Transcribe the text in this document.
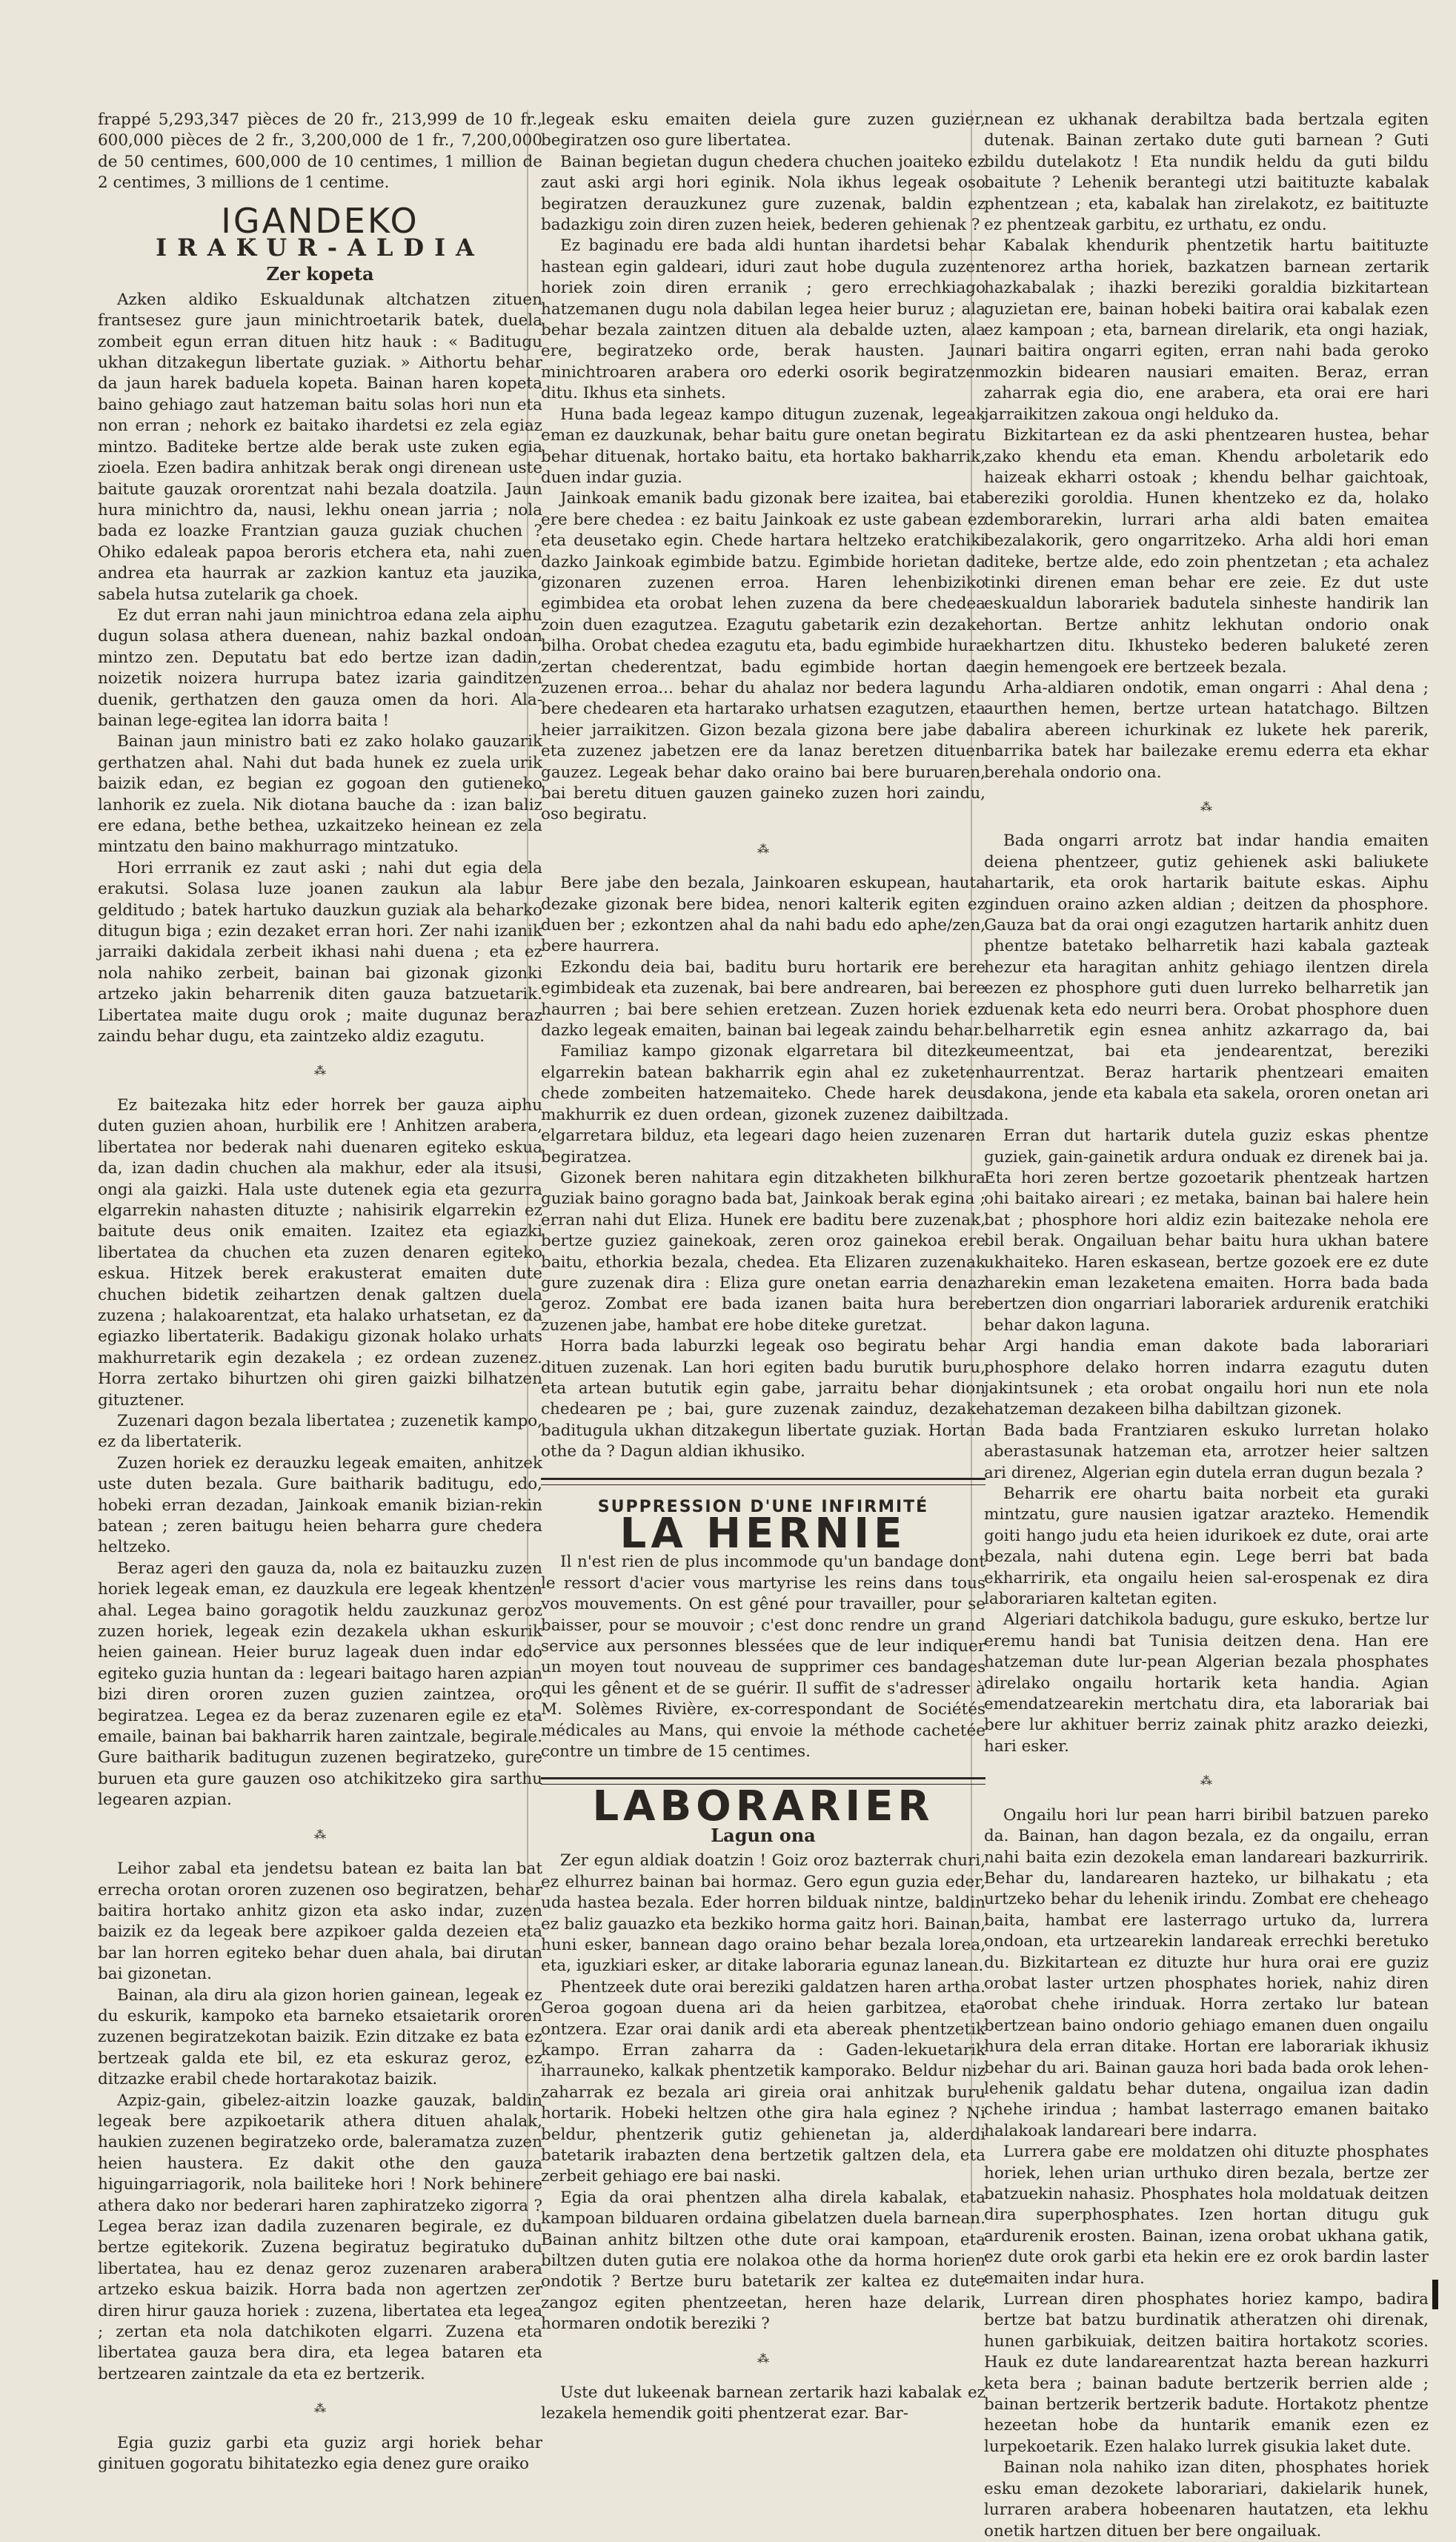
frappé 5,293,347 pièces de 20 fr., 213,999 de 10 fr., 600,000 pièces de 2 fr., 3,200,000 de 1 fr., 7,200,000 de 50 centimes, 600,000 de 10 centimes, 1 million de 2 centimes, 3 millions de 1 centime.

IGANDEKO
IRAKUR-ALDIA
Zer kopeta

Azken aldiko Eskualdunak altchatzen zituen frantsesez gure jaun minichtroetarik batek, duela zombeit egun erran dituen hitz hauk : « Baditugu ukhan ditzakegun libertate guziak. » Aithortu behar da jaun harek baduela kopeta. Bainan haren kopeta baino gehiago zaut hatzeman baitu solas hori nun eta non erran ; nehork ez baitako ihardetsi ez zela egiaz mintzo. Baditeke bertze alde berak uste zuken egia zioela. Ezen badira anhitzak berak ongi direnean uste baitute gauzak ororentzat nahi bezala doatzila. Jaun hura minichtro da, nausi, lekhu onean jarria ; nola bada ez loazke Frantzian gauza guziak chuchen ? Ohiko edaleak papoa beroris etchera eta, nahi zuen andrea eta haurrak ar zazkion kantuz eta jauzika, sabela hutsa zutelarik ga choek.

Ez dut erran nahi jaun minichtroa edana zela aiphu dugun solasa athera duenean, nahiz bazkal ondoan mintzo zen. Deputatu bat edo bertze izan dadin, noizetik noizera hurrupa batez izaria gainditzen duenik, gerthatzen den gauza omen da hori. Ala-bainan lege-egitea lan idorra baita !

Bainan jaun ministro bati ez zako holako gauzarik gerthatzen ahal. Nahi dut bada hunek ez zuela urik baizik edan, ez begian ez gogoan den gutieneko lanhorik ez zuela. Nik diotana bauche da : izan baliz ere edana, bethe bethea, uzkaitzeko heinean ez zela mintzatu den baino makhurrago mintzatuko.

Hori errranik ez zaut aski ; nahi dut egia dela erakutsi. Solasa luze joanen zaukun ala labur gelditudo ; batek hartuko dauzkun guziak ala beharko ditugun biga ; ezin dezaket erran hori. Zer nahi izanik jarraiki dakidala zerbeit ikhasi nahi duena ; eta ez nola nahiko zerbeit, bainan bai gizonak gizonki artzeko jakin beharrenik diten gauza batzuetarik. Libertatea maite dugu orok ; maite dugunaz beraz zaindu behar dugu, eta zaintzeko aldiz ezagutu.

⁂

Ez baitezaka hitz eder horrek ber gauza aiphu duten guzien ahoan, hurbilik ere ! Anhitzen arabera, libertatea nor bederak nahi duenaren egiteko eskua da, izan dadin chuchen ala makhur, eder ala itsusi, ongi ala gaizki. Hala uste dutenek egia eta gezurra elgarrekin nahasten dituzte ; nahisirik elgarrekin ez baitute deus onik emaiten. Izaitez eta egiazki libertatea da chuchen eta zuzen denaren egiteko eskua. Hitzek berek erakusterat emaiten dute chuchen bidetik zeihartzen denak galtzen duela zuzena ; halakoarentzat, eta halako urhatsetan, ez da egiazko libertaterik. Badakigu gizonak holako urhats makhurretarik egin dezakela ; ez ordean zuzenez. Horra zertako bihurtzen ohi giren gaizki bilhatzen gituztener.

Zuzenari dagon bezala libertatea ; zuzenetik kampo, ez da libertaterik.

Zuzen horiek ez derauzku legeak emaiten, anhitzek uste duten bezala. Gure baitharik baditugu, edo, hobeki erran dezadan, Jainkoak emanik bizian-rekin batean ; zeren baitugu heien beharra gure chedera heltzeko.

Beraz ageri den gauza da, nola ez baitauzku zuzen horiek legeak eman, ez dauzkula ere legeak khentzen ahal. Legea baino goragotik heldu zauzkunaz geroz zuzen horiek, legeak ezin dezakela ukhan eskurik heien gainean. Heier buruz lageak duen indar edo egiteko guzia huntan da : legeari baitago haren azpian bizi diren ororen zuzen guzien zaintzea, oro begiratzea. Legea ez da beraz zuzenaren egile ez eta emaile, bainan bai bakharrik haren zaintzale, begirale. Gure baitharik baditugun zuzenen begiratzeko, gure buruen eta gure gauzen oso atchikitzeko gira sarthu legearen azpian.

⁂

Leihor zabal eta jendetsu batean ez baita lan bat errecha orotan ororen zuzenen oso begiratzen, behar baitira hortako anhitz gizon eta asko indar, zuzen baizik ez da legeak bere azpikoer galda dezeien eta bar lan horren egiteko behar duen ahala, bai dirutan bai gizonetan.

Bainan, ala diru ala gizon horien gainean, legeak ez du eskurik, kampoko eta barneko etsaietarik ororen zuzenen begiratzekotan baizik. Ezin ditzake ez bata ez bertzeak galda ete bil, ez eta eskuraz geroz, ez ditzazke erabil chede hortarakotaz baizik.

Azpiz-gain, gibelez-aitzin loazke gauzak, baldin legeak bere azpikoetarik athera dituen ahalak, haukien zuzenen begiratzeko orde, baleramatza zuzen heien haustera. Ez dakit othe den gauza higuingarriagorik, nola bailiteke hori ! Nork behinere athera dako nor bederari haren zaphiratzeko zigorra ? Legea beraz izan dadila zuzenaren begirale, ez du bertze egitekorik. Zuzena begiratuz begiratuko du libertatea, hau ez denaz geroz zuzenaren arabera artzeko eskua baizik. Horra bada non agertzen zer diren hirur gauza horiek : zuzena, libertatea eta legea ; zertan eta nola datchikoten elgarri. Zuzena eta libertatea gauza bera dira, eta legea bataren eta bertzearen zaintzale da eta ez bertzerik.

⁂

Egia guziz garbi eta guziz argi horiek behar ginituen gogoratu bihitatezko egia denez gure oraiko

legeak esku emaiten deiela gure zuzen guzier, begiratzen oso gure libertatea.

Bainan begietan dugun chedera chuchen joaiteko ez zaut aski argi hori eginik. Nola ikhus legeak oso begiratzen derauzkunez gure zuzenak, baldin ez badazkigu zoin diren zuzen heiek, bederen gehienak ?

Ez baginadu ere bada aldi huntan ihardetsi behar hastean egin galdeari, iduri zaut hobe dugula zuzen horiek zoin diren erranik ; gero errechkiago hatzemanen dugu nola dabilan legea heier buruz ; ala behar bezala zaintzen dituen ala debalde uzten, ala ere, begiratzeko orde, berak hausten. Jaun minichtroaren arabera oro ederki osorik begiratzen ditu. Ikhus eta sinhets.

Huna bada legeaz kampo ditugun zuzenak, legeak eman ez dauzkunak, behar baitu gure onetan begiratu behar dituenak, hortako baitu, eta hortako bakharrik, duen indar guzia.

Jainkoak emanik badu gizonak bere izaitea, bai eta ere bere chedea : ez baitu Jainkoak ez uste gabean ez eta deusetako egin. Chede hartara heltzeko eratchiki dazko Jainkoak egimbide batzu. Egimbide horietan da gizonaren zuzenen erroa. Haren lehenbiziko egimbidea eta orobat lehen zuzena da bere chedea zoin duen ezagutzea. Ezagutu gabetarik ezin dezake bilha. Orobat chedea ezagutu eta, badu egimbide hura zertan chederentzat, badu egimbide hortan da zuzenen erroa... behar du ahalaz nor bedera lagundu bere chedearen eta hartarako urhatsen ezagutzen, eta heier jarraikitzen. Gizon bezala gizona bere jabe da eta zuzenez jabetzen ere da lanaz beretzen dituen gauzez. Legeak behar dako oraino bai bere buruaren, bai beretu dituen gauzen gaineko zuzen hori zaindu, oso begiratu.

⁂

Bere jabe den bezala, Jainkoaren eskupean, hauta dezake gizonak bere bidea, nenori kalterik egiten ez duen ber ; ezkontzen ahal da nahi badu edo aphe/zen, bere haurrera.

Ezkondu deia bai, baditu buru hortarik ere bere egimbideak eta zuzenak, bai bere andrearen, bai bere haurren ; bai bere sehien eretzean. Zuzen horiek ez dazko legeak emaiten, bainan bai legeak zaindu behar.

Familiaz kampo gizonak elgarretara bil ditezke elgarrekin batean bakharrik egin ahal ez zuketen chede zombeiten hatzemaiteko. Chede harek deus makhurrik ez duen ordean, gizonek zuzenez daibiltza elgarretara bilduz, eta legeari dago heien zuzenaren begiratzea.

Gizonek beren nahitara egin ditzakheten bilkhura guziak baino goragno bada bat, Jainkoak berak egina ; erran nahi dut Eliza. Hunek ere baditu bere zuzenak, bertze guziez gainekoak, zeren oroz gainekoa ere baitu, ethorkia bezala, chedea. Eta Elizaren zuzenak gure zuzenak dira : Eliza gure onetan earria denaz geroz. Zombat ere bada izanen baita hura bere zuzenen jabe, hambat ere hobe diteke guretzat.

Horra bada laburzki legeak oso begiratu behar dituen zuzenak. Lan hori egiten badu burutik buru, eta artean bututik egin gabe, jarraitu behar dion chedearen pe ; bai, gure zuzenak zainduz, dezake baditugula ukhan ditzakegun libertate guziak. Hortan othe da ? Dagun aldian ikhusiko.

SUPPRESSION D'UNE INFIRMITÉ
LA HERNIE

Il n'est rien de plus incommode qu'un bandage dont le ressort d'acier vous martyrise les reins dans tous vos mouvements. On est gêné pour travailler, pour se baisser, pour se mouvoir ; c'est donc rendre un grand service aux personnes blessées que de leur indiquer un moyen tout nouveau de supprimer ces bandages qui les gênent et de se guérir. Il suffit de s'adresser à M. Solèmes Rivière, ex-correspondant de Sociétés médicales au Mans, qui envoie la méthode cachetée contre un timbre de 15 centimes.

LABORARIER
Lagun ona

Zer egun aldiak doatzin ! Goiz oroz bazterrak churi, ez elhurrez bainan bai hormaz. Gero egun guzia eder, uda hastea bezala. Eder horren bilduak nintze, baldin ez baliz gauazko eta bezkiko horma gaitz hori. Bainan, huni esker, bannean dago oraino behar bezala lorea, eta, iguzkiari esker, ar ditake laboraria egunaz lanean.

Phentzeek dute orai bereziki galdatzen haren artha. Geroa gogoan duena ari da heien garbitzea, eta ontzera. Ezar orai danik ardi eta abereak phentzetik kampo. Erran zaharra da : Gaden-lekuetarik iharrauneko, kalkak phentzetik kamporako. Beldur niz zaharrak ez bezala ari gireia orai anhitzak buru hortarik. Hobeki heltzen othe gira hala eginez ? Ni beldur, phentzerik gutiz gehienetan ja, alderdi batetarik irabazten dena bertzetik galtzen dela, eta zerbeit gehiago ere bai naski.

Egia da orai phentzen alha direla kabalak, eta kampoan bilduaren ordaina gibelatzen duela barnean. Bainan anhitz biltzen othe dute orai kampoan, eta biltzen duten gutia ere nolakoa othe da horma horien ondotik ? Bertze buru batetarik zer kaltea ez dute zangoz egiten phentzeetan, heren haze delarik, hormaren ondotik bereziki ?

⁂

Uste dut lukeenak barnean zertarik hazi kabalak ez lezakela hemendik goiti phentzerat ezar. Bar-

nean ez ukhanak derabiltza bada bertzala egiten dutenak. Bainan zertako dute guti barnean ? Guti bildu dutelakotz ! Eta nundik heldu da guti bildu baitute ? Lehenik berantegi utzi baitituzte kabalak phentzean ; eta, kabalak han zirelakotz, ez baitituzte ez phentzeak garbitu, ez urthatu, ez ondu.

Kabalak khendurik phentzetik hartu baitituzte tenorez artha horiek, bazkatzen barnean zertarik hazkabalak ; ihazki bereziki goraldia bizkitartean guzietan ere, bainan hobeki baitira orai kabalak ezen ez kampoan ; eta, barnean direlarik, eta ongi haziak, ari baitira ongarri egiten, erran nahi bada geroko mozkin bidearen nausiari emaiten. Beraz, erran zaharrak egia dio, ene arabera, eta orai ere hari jarraikitzen zakoua ongi helduko da.

Bizkitartean ez da aski phentzearen hustea, behar zako khendu eta eman. Khendu arboletarik edo haizeak ekharri ostoak ; khendu belhar gaichtoak, bereziki goroldia. Hunen khentzeko ez da, holako demborarekin, lurrari arha aldi baten emaitea bezalakorik, gero ongarritzeko. Arha aldi hori eman diteke, bertze alde, edo zoin phentzetan ; eta achalez tinki direnen eman behar ere zeie. Ez dut uste eskualdun laborariek badutela sinheste handirik lan hortan. Bertze anhitz lekhutan ondorio onak ekhartzen ditu. Ikhusteko bederen baluketé zeren egin hemengoek ere bertzeek bezala.

Arha-aldiaren ondotik, eman ongarri : Ahal dena ; aurthen hemen, bertze urtean hatatchago. Biltzen balira abereen ichurkinak ez lukete hek parerik, barrika batek har bailezake eremu ederra eta ekhar berehala ondorio ona.

⁂

Bada ongarri arrotz bat indar handia emaiten deiena phentzeer, gutiz gehienek aski baliukete hartarik, eta orok hartarik baitute eskas. Aiphu ginduen oraino azken aldian ; deitzen da phosphore. Gauza bat da orai ongi ezagutzen hartarik anhitz duen phentze batetako belharretik hazi kabala gazteak hezur eta haragitan anhitz gehiago ilentzen direla ezen ez phosphore guti duen lurreko belharretik jan duenak keta edo neurri bera. Orobat phosphore duen belharretik egin esnea anhitz azkarrago da, bai umeentzat, bai eta jendearentzat, bereziki haurrentzat. Beraz hartarik phentzeari emaiten dakona, jende eta kabala eta sakela, ororen onetan ari da.

Erran dut hartarik dutela guziz eskas phentze guziek, gain-gainetik ardura onduak ez direnek bai ja. Eta hori zeren bertze gozoetarik phentzeak hartzen ohi baitako aireari ; ez metaka, bainan bai halere hein bat ; phosphore hori aldiz ezin baitezake nehola ere bil berak. Ongailuan behar baitu hura ukhan batere ukhaiteko. Haren eskasean, bertze gozoek ere ez dute harekin eman lezaketena emaiten. Horra bada bada bertzen dion ongarriari laborariek ardurenik eratchiki behar dakon laguna.

Argi handia eman dakote bada laborariari phosphore delako horren indarra ezagutu duten jakintsunek ; eta orobat ongailu hori nun ete nola hatzeman dezakeen bilha dabiltzan gizonek.

Bada bada Frantziaren eskuko lurretan holako aberastasunak hatzeman eta, arrotzer heier saltzen ari direnez, Algerian egin dutela erran dugun bezala ?

Beharrik ere ohartu baita norbeit eta guraki mintzatu, gure nausien igatzar arazteko. Hemendik goiti hango judu eta heien idurikoek ez dute, orai arte bezala, nahi dutena egin. Lege berri bat bada ekharririk, eta ongailu heien sal-erospenak ez dira laborariaren kaltetan egiten.

Algeriari datchikola badugu, gure eskuko, bertze lur eremu handi bat Tunisia deitzen dena. Han ere hatzeman dute lur-pean Algerian bezala phosphates direlako ongailu hortarik keta handia. Agian emendatzearekin mertchatu dira, eta laborariak bai bere lur akhituer berriz zainak phitz arazko deiezki, hari esker.

⁂

Ongailu hori lur pean harri biribil batzuen pareko da. Bainan, han dagon bezala, ez da ongailu, erran nahi baita ezin dezokela eman landareari bazkurririk. Behar du, landarearen hazteko, ur bilhakatu ; eta urtzeko behar du lehenik irindu. Zombat ere cheheago baita, hambat ere lasterrago urtuko da, lurrera ondoan, eta urtzearekin landareak errechki beretuko du. Bizkitartean ez dituzte hur hura orai ere guziz orobat laster urtzen phosphates horiek, nahiz diren orobat chehe irinduak. Horra zertako lur batean bertzean baino ondorio gehiago emanen duen ongailu hura dela erran ditake. Hortan ere laborariak ikhusiz behar du ari. Bainan gauza hori bada bada orok lehen-lehenik galdatu behar dutena, ongailua izan dadin chehe irindua ; hambat lasterrago emanen baitako halakoak landareari bere indarra.

Lurrera gabe ere moldatzen ohi dituzte phosphates horiek, lehen urian urthuko diren bezala, bertze zer batzuekin nahasiz. Phosphates hola moldatuak deitzen dira superphosphates. Izen hortan ditugu guk ardurenik erosten. Bainan, izena orobat ukhana gatik, ez dute orok garbi eta hekin ere ez orok bardin laster emaiten indar hura.

Lurrean diren phosphates horiez kampo, badira bertze bat batzu burdinatik atheratzen ohi direnak, hunen garbikuiak, deitzen baitira hortakotz scories. Hauk ez dute landarearentzat hazta berean hazkurri keta bera ; bainan badute bertzerik berrien alde ; bainan bertzerik bertzerik badute. Hortakotz phentze hezeetan hobe da huntarik emanik ezen ez lurpekoetarik. Ezen halako lurrek gisukia laket dute.

Bainan nola nahiko izan diten, phosphates horiek esku eman dezokete laborariari, dakielarik hunek, lurraren arabera hobeenaren hautatzen, eta lekhu onetik hartzen dituen ber bere ongailuak.
